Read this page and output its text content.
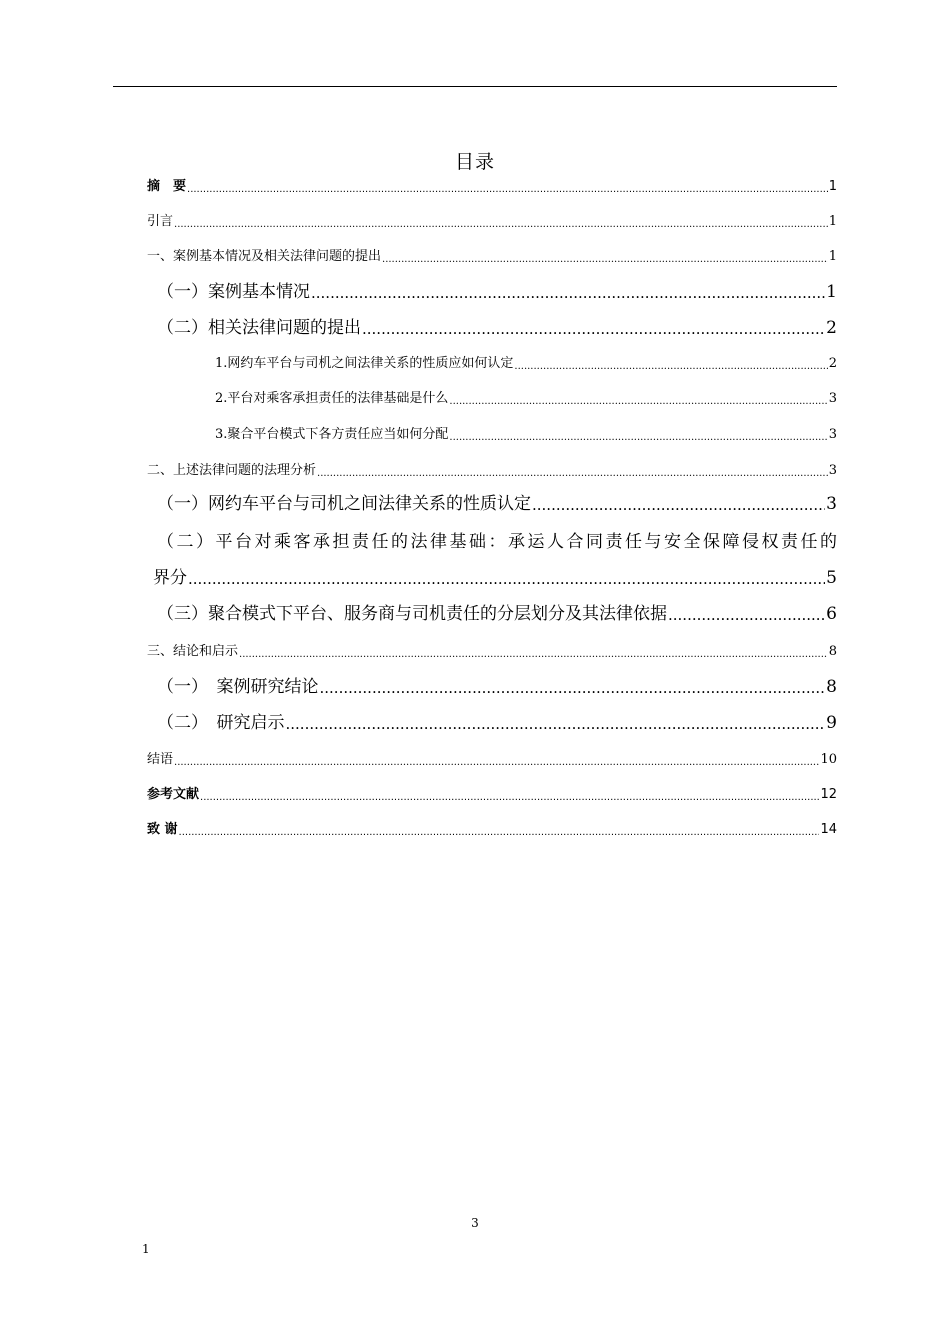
目录
摘　要 .....	1
引言 .....	1
一、案例基本情况及相关法律问题的提出 .....	1
（一）案例基本情况 .....	1
（二）相关法律问题的提出 .....	2
1.网约车平台与司机之间法律关系的性质应如何认定 .....	2
2.平台对乘客承担责任的法律基础是什么 .....	3
3.聚合平台模式下各方责任应当如何分配 .....	3
二、上述法律问题的法理分析 .....	3
（一）网约车平台与司机之间法律关系的性质认定 .....	3
（二）平台对乘客承担责任的法律基础：承运人合同责任与安全保障侵权责任的
界分 .....	5
（三）聚合模式下平台、服务商与司机责任的分层划分及其法律依据 .....	6
三、结论和启示 .....	8
（一）　案例研究结论 .....	8
（二）　研究启示 .....	9
结语 .....	10
参考文献 .....	12
致 谢 .....	14
3
1
